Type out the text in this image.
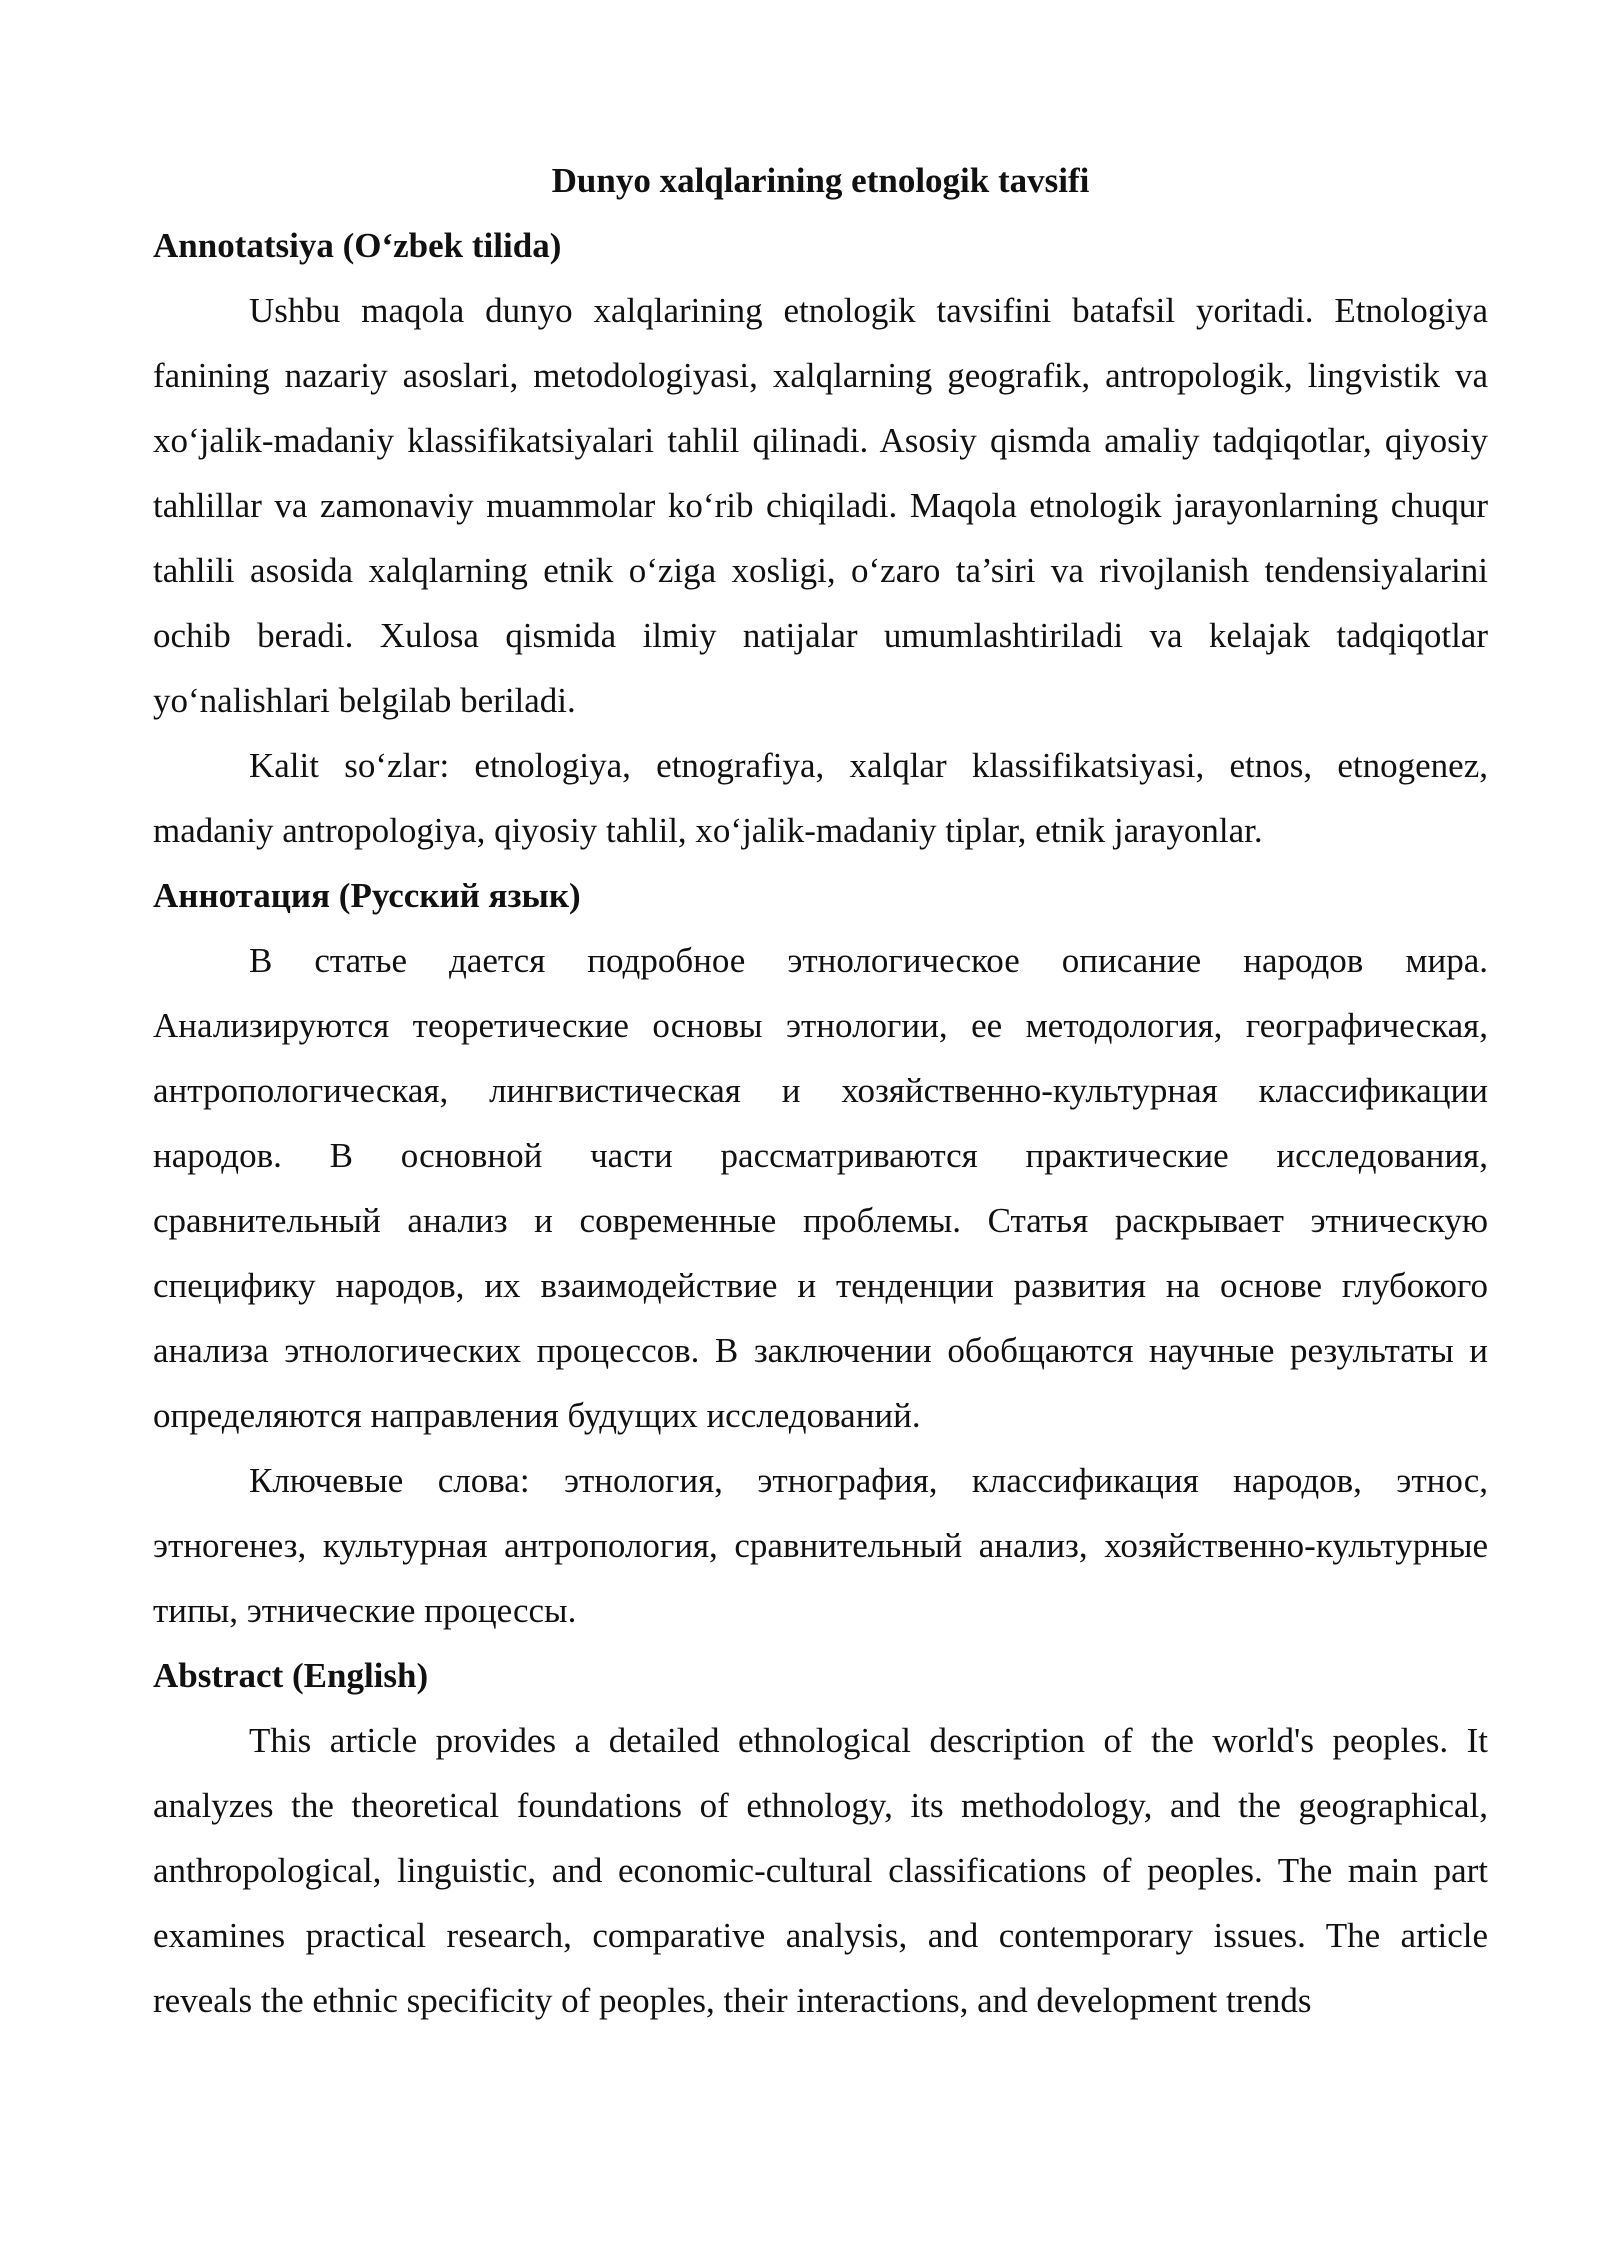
Dunyo xalqlarining etnologik tavsifi
Annotatsiya (O‘zbek tilida)

Ushbu maqola dunyo xalqlarining etnologik tavsifini batafsil yoritadi. Etnologiya fanining nazariy asoslari, metodologiyasi, xalqlarning geografik, antropologik, lingvistik va xo‘jalik-madaniy klassifikatsiyalari tahlil qilinadi. Asosiy qismda amaliy tadqiqotlar, qiyosiy tahlillar va zamonaviy muammolar ko‘rib chiqiladi. Maqola etnologik jarayonlarning chuqur tahlili asosida xalqlarning etnik o‘ziga xosligi, o‘zaro ta’siri va rivojlanish tendensiyalarini ochib beradi. Xulosa qismida ilmiy natijalar umumlashtiriladi va kelajak tadqiqotlar yo‘nalishlari belgilab beriladi.

Kalit so‘zlar: etnologiya, etnografiya, xalqlar klassifikatsiyasi, etnos, etnogenez, madaniy antropologiya, qiyosiy tahlil, xo‘jalik-madaniy tiplar, etnik jarayonlar.

Аннотация (Русский язык)

В статье дается подробное этнологическое описание народов мира. Анализируются теоретические основы этнологии, ее методология, географическая, антропологическая, лингвистическая и хозяйственно-культурная классификации народов. В основной части рассматриваются практические исследования, сравнительный анализ и современные проблемы. Статья раскрывает этническую специфику народов, их взаимодействие и тенденции развития на основе глубокого анализа этнологических процессов. В заключении обобщаются научные результаты и определяются направления будущих исследований.

Ключевые слова: этнология, этнография, классификация народов, этнос, этногенез, культурная антропология, сравнительный анализ, хозяйственно-культурные типы, этнические процессы.

Abstract (English)

This article provides a detailed ethnological description of the world's peoples. It analyzes the theoretical foundations of ethnology, its methodology, and the geographical, anthropological, linguistic, and economic-cultural classifications of peoples. The main part examines practical research, comparative analysis, and contemporary issues. The article reveals the ethnic specificity of peoples, their interactions, and development trends
